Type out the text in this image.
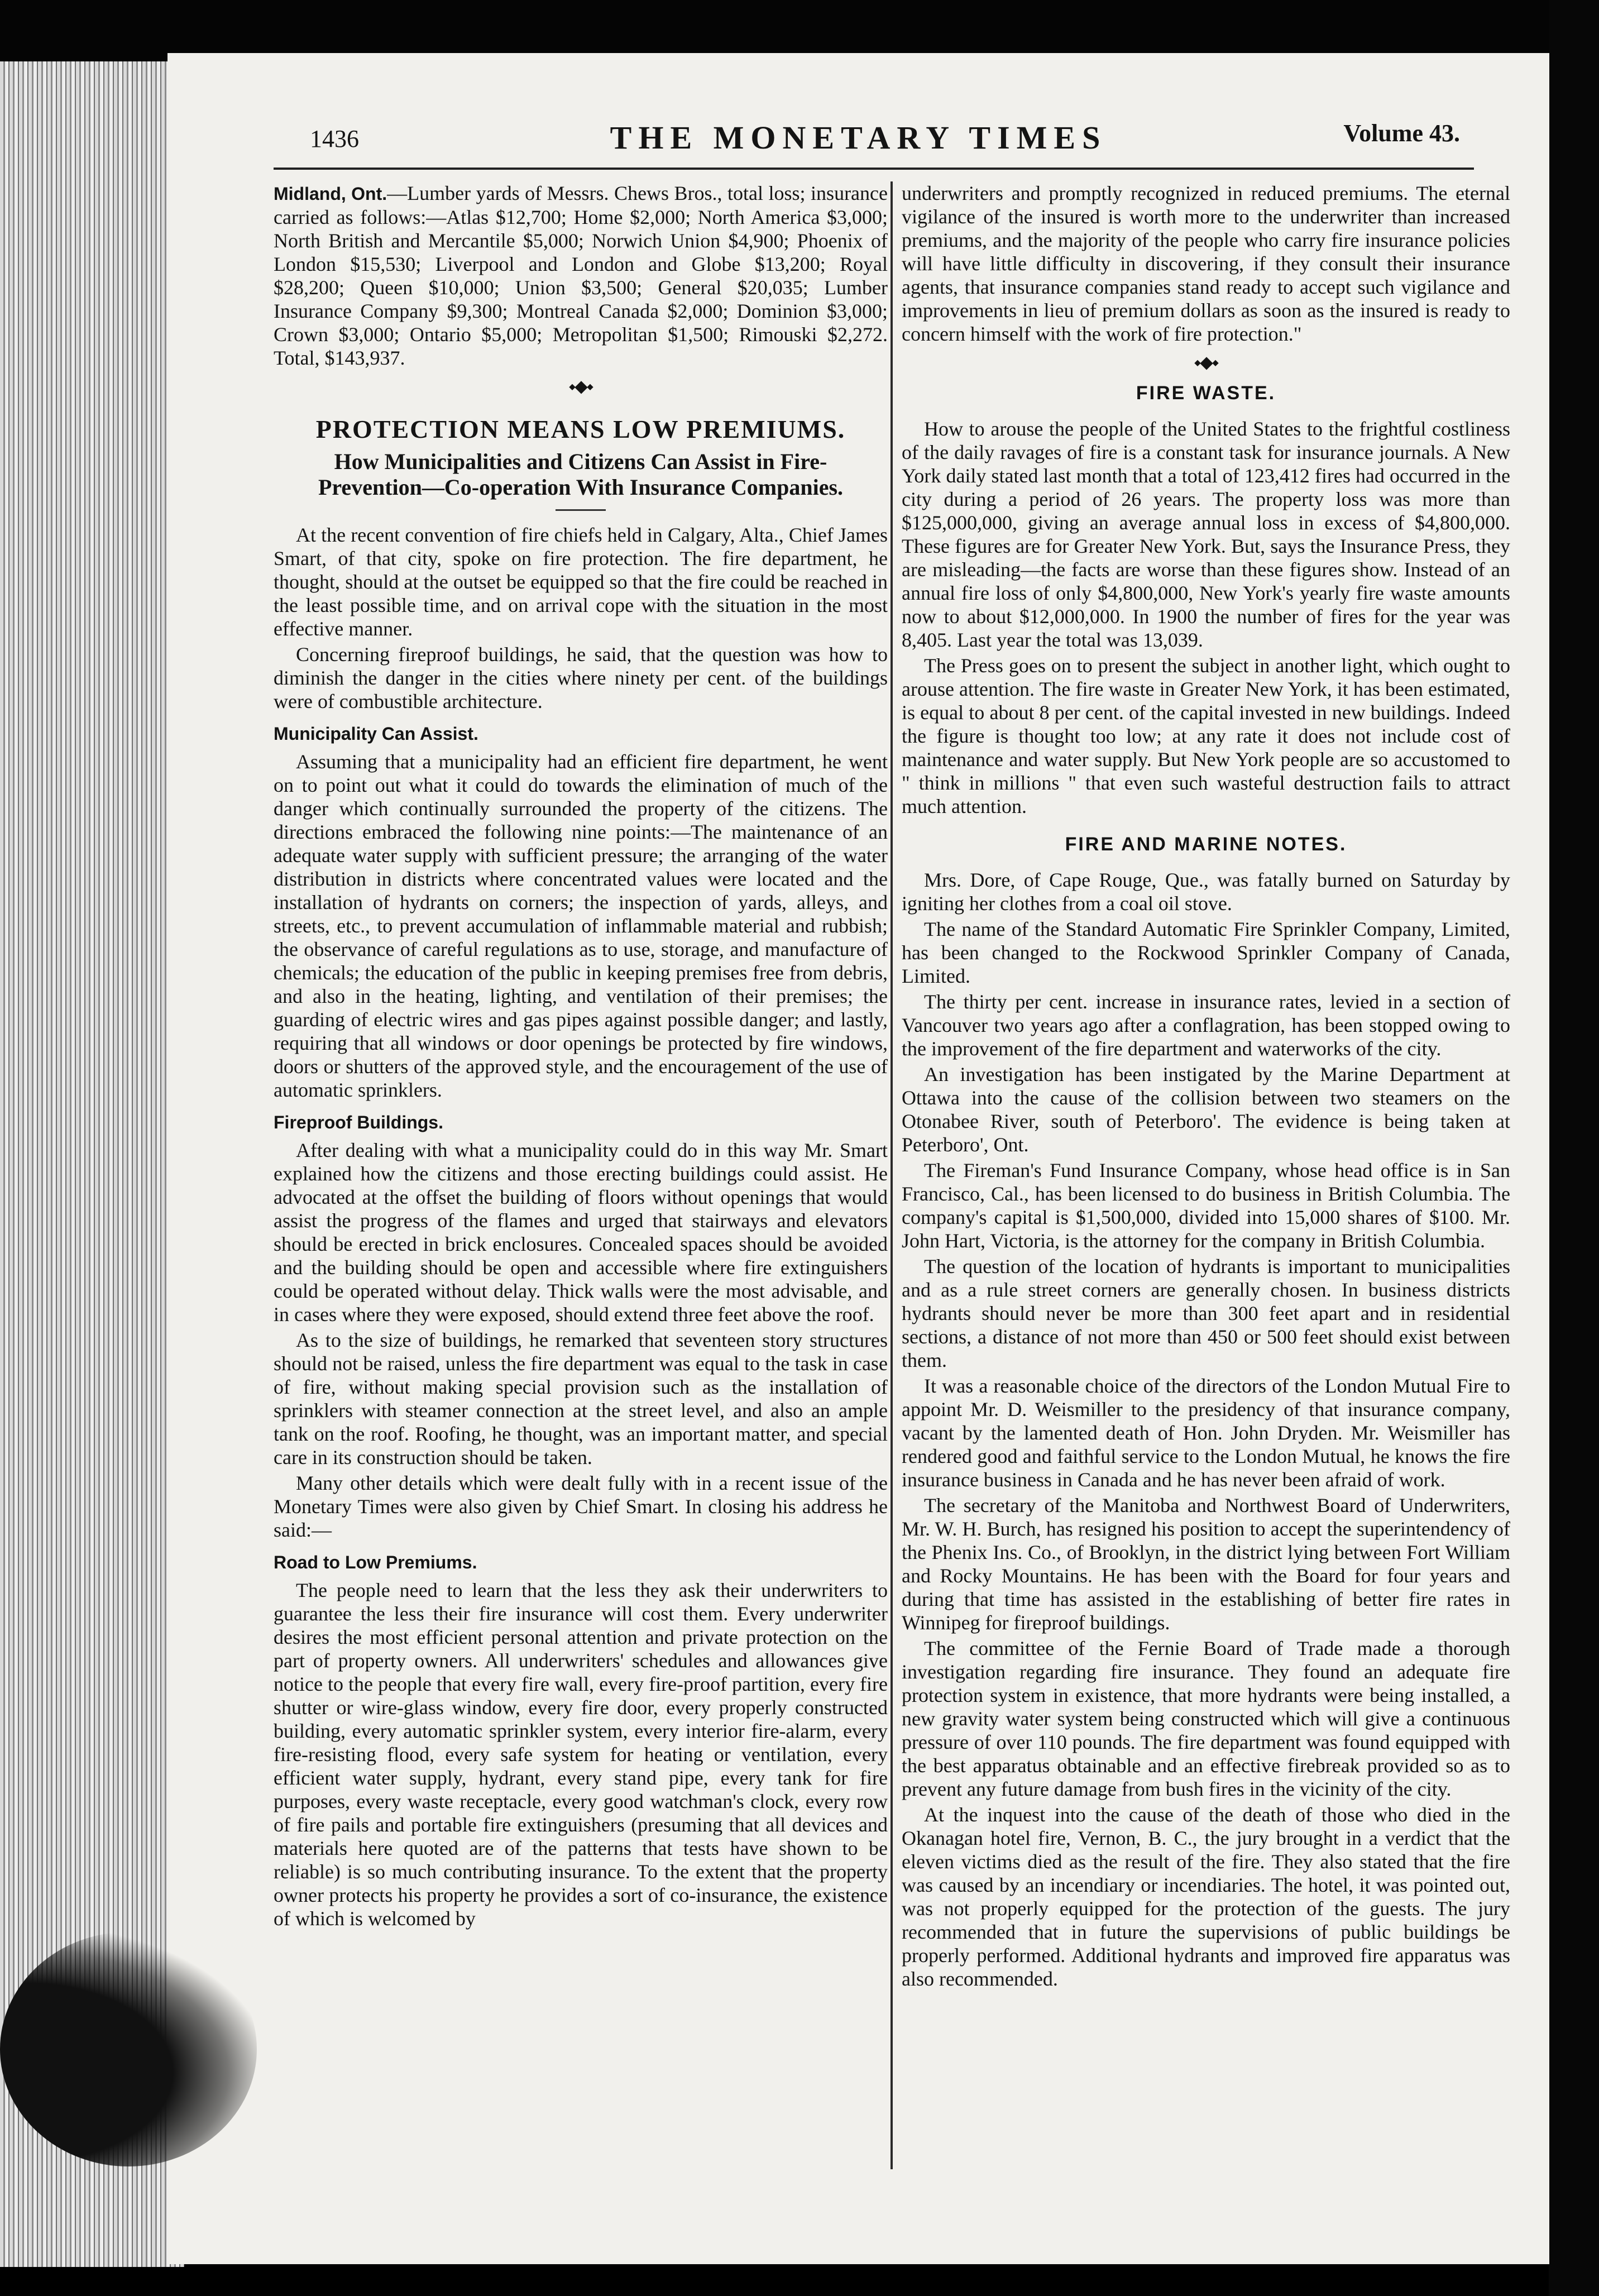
1436	THE MONETARY TIMES	Volume 43.

Midland, Ont.—Lumber yards of Messrs. Chews Bros., total loss; insurance carried as follows:—Atlas $12,700; Home $2,000; North America $3,000; North British and Mercantile $5,000; Norwich Union $4,900; Phoenix of London $15,530; Liverpool and London and Globe $13,200; Royal $28,200; Queen $10,000; Union $3,500; General $20,035; Lumber Insurance Company $9,300; Montreal Canada $2,000; Dominion $3,000; Crown $3,000; Ontario $5,000; Metropolitan $1,500; Rimouski $2,272. Total, $143,937.

⬩⬥⬩
PROTECTION MEANS LOW PREMIUMS.
How Municipalities and Citizens Can Assist in Fire-Prevention—Co-operation With Insurance Companies.

At the recent convention of fire chiefs held in Calgary, Alta., Chief James Smart, of that city, spoke on fire protection. The fire department, he thought, should at the outset be equipped so that the fire could be reached in the least possible time, and on arrival cope with the situation in the most effective manner.

Concerning fireproof buildings, he said, that the question was how to diminish the danger in the cities where ninety per cent. of the buildings were of combustible architecture.

Municipality Can Assist.

Assuming that a municipality had an efficient fire department, he went on to point out what it could do towards the elimination of much of the danger which continually surrounded the property of the citizens. The directions embraced the following nine points:—The maintenance of an adequate water supply with sufficient pressure; the arranging of the water distribution in districts where concentrated values were located and the installation of hydrants on corners; the inspection of yards, alleys, and streets, etc., to prevent accumulation of inflammable material and rubbish; the observance of careful regulations as to use, storage, and manufacture of chemicals; the education of the public in keeping premises free from debris, and also in the heating, lighting, and ventilation of their premises; the guarding of electric wires and gas pipes against possible danger; and lastly, requiring that all windows or door openings be protected by fire windows, doors or shutters of the approved style, and the encouragement of the use of automatic sprinklers.

Fireproof Buildings.

After dealing with what a municipality could do in this way Mr. Smart explained how the citizens and those erecting buildings could assist. He advocated at the offset the building of floors without openings that would assist the progress of the flames and urged that stairways and elevators should be erected in brick enclosures. Concealed spaces should be avoided and the building should be open and accessible where fire extinguishers could be operated without delay. Thick walls were the most advisable, and in cases where they were exposed, should extend three feet above the roof.

As to the size of buildings, he remarked that seventeen story structures should not be raised, unless the fire department was equal to the task in case of fire, without making special provision such as the installation of sprinklers with steamer connection at the street level, and also an ample tank on the roof. Roofing, he thought, was an important matter, and special care in its construction should be taken.

Many other details which were dealt fully with in a recent issue of the Monetary Times were also given by Chief Smart. In closing his address he said:—

Road to Low Premiums.

The people need to learn that the less they ask their underwriters to guarantee the less their fire insurance will cost them. Every underwriter desires the most efficient personal attention and private protection on the part of property owners. All underwriters' schedules and allowances give notice to the people that every fire wall, every fire-proof partition, every fire shutter or wire-glass window, every fire door, every properly constructed building, every automatic sprinkler system, every interior fire-alarm, every fire-resisting flood, every safe system for heating or ventilation, every efficient water supply, hydrant, every stand pipe, every tank for fire purposes, every waste receptacle, every good watchman's clock, every row of fire pails and portable fire extinguishers (presuming that all devices and materials here quoted are of the patterns that tests have shown to be reliable) is so much contributing insurance. To the extent that the property owner protects his property he provides a sort of co-insurance, the existence of which is welcomed by

underwriters and promptly recognized in reduced premiums. The eternal vigilance of the insured is worth more to the underwriter than increased premiums, and the majority of the people who carry fire insurance policies will have little difficulty in discovering, if they consult their insurance agents, that insurance companies stand ready to accept such vigilance and improvements in lieu of premium dollars as soon as the insured is ready to concern himself with the work of fire protection."

⬩⬥⬩
FIRE WASTE.

How to arouse the people of the United States to the frightful costliness of the daily ravages of fire is a constant task for insurance journals. A New York daily stated last month that a total of 123,412 fires had occurred in the city during a period of 26 years. The property loss was more than $125,000,000, giving an average annual loss in excess of $4,800,000. These figures are for Greater New York. But, says the Insurance Press, they are misleading—the facts are worse than these figures show. Instead of an annual fire loss of only $4,800,000, New York's yearly fire waste amounts now to about $12,000,000. In 1900 the number of fires for the year was 8,405. Last year the total was 13,039.

The Press goes on to present the subject in another light, which ought to arouse attention. The fire waste in Greater New York, it has been estimated, is equal to about 8 per cent. of the capital invested in new buildings. Indeed the figure is thought too low; at any rate it does not include cost of maintenance and water supply. But New York people are so accustomed to " think in millions " that even such wasteful destruction fails to attract much attention.

FIRE AND MARINE NOTES.

Mrs. Dore, of Cape Rouge, Que., was fatally burned on Saturday by igniting her clothes from a coal oil stove.

The name of the Standard Automatic Fire Sprinkler Company, Limited, has been changed to the Rockwood Sprinkler Company of Canada, Limited.

The thirty per cent. increase in insurance rates, levied in a section of Vancouver two years ago after a conflagration, has been stopped owing to the improvement of the fire department and waterworks of the city.

An investigation has been instigated by the Marine Department at Ottawa into the cause of the collision between two steamers on the Otonabee River, south of Peterboro'. The evidence is being taken at Peterboro', Ont.

The Fireman's Fund Insurance Company, whose head office is in San Francisco, Cal., has been licensed to do business in British Columbia. The company's capital is $1,500,000, divided into 15,000 shares of $100. Mr. John Hart, Victoria, is the attorney for the company in British Columbia.

The question of the location of hydrants is important to municipalities and as a rule street corners are generally chosen. In business districts hydrants should never be more than 300 feet apart and in residential sections, a distance of not more than 450 or 500 feet should exist between them.

It was a reasonable choice of the directors of the London Mutual Fire to appoint Mr. D. Weismiller to the presidency of that insurance company, vacant by the lamented death of Hon. John Dryden. Mr. Weismiller has rendered good and faithful service to the London Mutual, he knows the fire insurance business in Canada and he has never been afraid of work.

The secretary of the Manitoba and Northwest Board of Underwriters, Mr. W. H. Burch, has resigned his position to accept the superintendency of the Phenix Ins. Co., of Brooklyn, in the district lying between Fort William and Rocky Mountains. He has been with the Board for four years and during that time has assisted in the establishing of better fire rates in Winnipeg for fireproof buildings.

The committee of the Fernie Board of Trade made a thorough investigation regarding fire insurance. They found an adequate fire protection system in existence, that more hydrants were being installed, a new gravity water system being constructed which will give a continuous pressure of over 110 pounds. The fire department was found equipped with the best apparatus obtainable and an effective firebreak provided so as to prevent any future damage from bush fires in the vicinity of the city.

At the inquest into the cause of the death of those who died in the Okanagan hotel fire, Vernon, B. C., the jury brought in a verdict that the eleven victims died as the result of the fire. They also stated that the fire was caused by an incendiary or incendiaries. The hotel, it was pointed out, was not properly equipped for the protection of the guests. The jury recommended that in future the supervisions of public buildings be properly performed. Additional hydrants and improved fire apparatus was also recommended.
